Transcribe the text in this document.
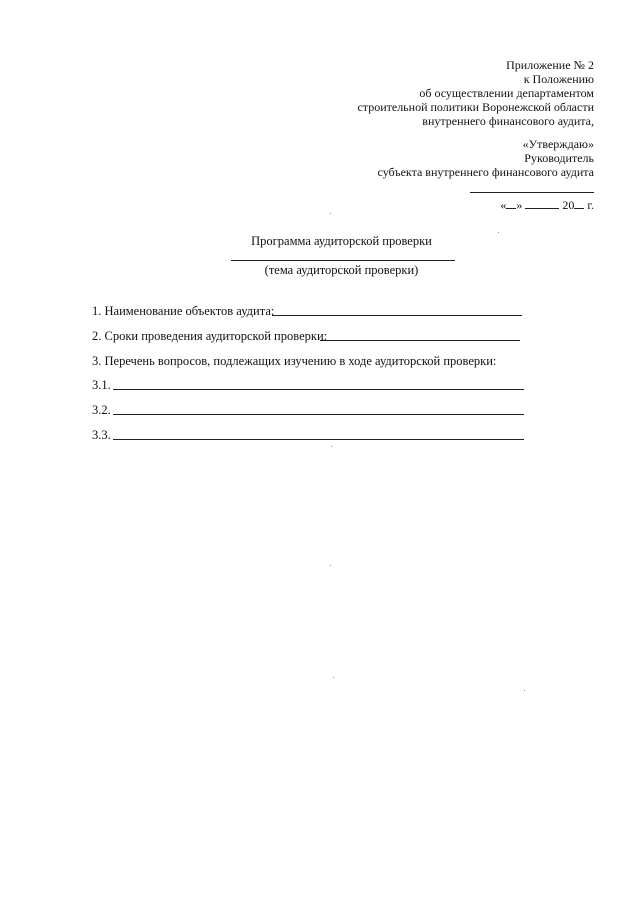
Приложение № 2
к Положению
об осуществлении департаментом
строительной политики Воронежской области
внутреннего финансового аудита,
«Утверждаю»
Руководитель
субъекта внутреннего финансового аудита
« »	20 г.
Программа аудиторской проверки
(тема аудиторской проверки)
1. Наименование объектов аудита:
2. Сроки проведения аудиторской проверки:
3. Перечень вопросов, подлежащих изучению в ходе аудиторской проверки:
3.1.
3.2.
3.3.
